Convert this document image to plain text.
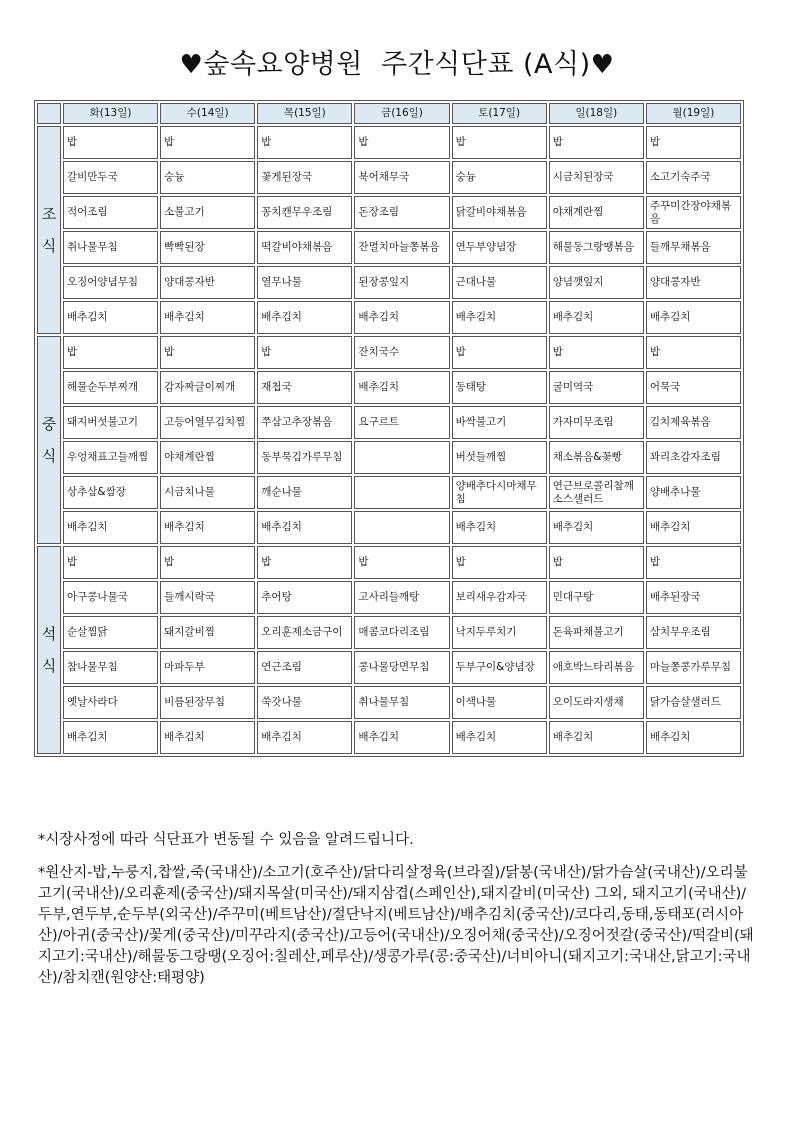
♥숲속요양병원  주간식단표 (A식)♥
	화(13일)	수(14일)	목(15일)	금(16일)	토(17일)	일(18일)	월(19일)

조
식	밥	밥	밥	밥	밥	밥	밥
	갈비만두국	숭늉	꽃게된장국	북어채무국	숭늉	시금치된장국	소고기숙주국
	적어조림	소불고기	꽁치캔무우조림	돈장조림	닭갈비야채볶음	야채계란찜	주꾸미간장야채볶음
	취나물무침	빡빡된장	떡갈비야채볶음	잔멸치마늘쫑볶음	연두부양념장	해물동그랑땡볶음	들깨무채볶음
	오징어양념무침	양대콩자반	열무나물	된장콩잎지	근대나물	양념깻잎지	양대콩자반
	배추김치	배추김치	배추김치	배추김치	배추김치	배추김치	배추김치

중
식	밥	밥	밥	잔치국수	밥	밥	밥
	해물순두부찌개	감자짜글이찌개	재첩국	배추김치	동태탕	굴미역국	어묵국
	돼지버섯불고기	고등어열무김치찜	쭈삼고추장볶음	요구르트	바싹불고기	가자미무조림	김치제육볶음
	우엉채표고들깨찜	야채계란찜	동부묵김가루무침		버섯들깨찜	채소볶음&꽃빵	꽈리초감자조림
	상추삼&쌈장	시금치나물	깨순나물		양배추다시마채무침	연근브로콜리참깨소스샐러드	양배추나물
	배추김치	배추김치	배추김치		배추김치	배추김치	배추김치

석
식	밥	밥	밥	밥	밥	밥	밥
	아구콩나물국	들깨시락국	추어탕	고사리들깨탕	보리새우감자국	민대구탕	배추된장국
	순살찜닭	돼지갈비찜	오리훈제소금구이	매콤코다리조림	낙지두루치기	돈육파채불고기	삼치무우조림
	참나물무침	마파두부	연근조림	콩나물당면무침	두부구이&양념장	애호박느타리볶음	마늘쫑콩가루무침
	옛날사라다	비름된장무침	쑥갓나물	취나물무침	이색나물	오이도라지생채	닭가슴살샐러드
	배추김치	배추김치	배추김치	배추김치	배추김치	배추김치	배추김치

*시장사정에 따라 식단표가 변동될 수 있음을 알려드립니다.

*원산지-밥,누룽지,찹쌀,죽(국내산)/소고기(호주산)/닭다리살정육(브라질)/닭봉(국내산)/닭가슴살(국내산)/오리불고기(국내산)/오리훈제(중국산)/돼지목살(미국산)/돼지삼겹(스페인산),돼지갈비(미국산) 그외, 돼지고기(국내산)/두부,연두부,순두부(외국산)/주꾸미(베트남산)/절단낙지(베트남산)/배추김치(중국산)/코다리,동태,동태포(러시아산)/아귀(중국산)/꽃게(중국산)/미꾸라지(중국산)/고등어(국내산)/오징어채(중국산)/오징어젓갈(중국산)/떡갈비(돼지고기:국내산)/해물동그랑땡(오징어:칠레산,페루산)/생콩가루(콩:중국산)/너비아니(돼지고기:국내산,닭고기:국내산)/참치캔(원양산:태평양)
